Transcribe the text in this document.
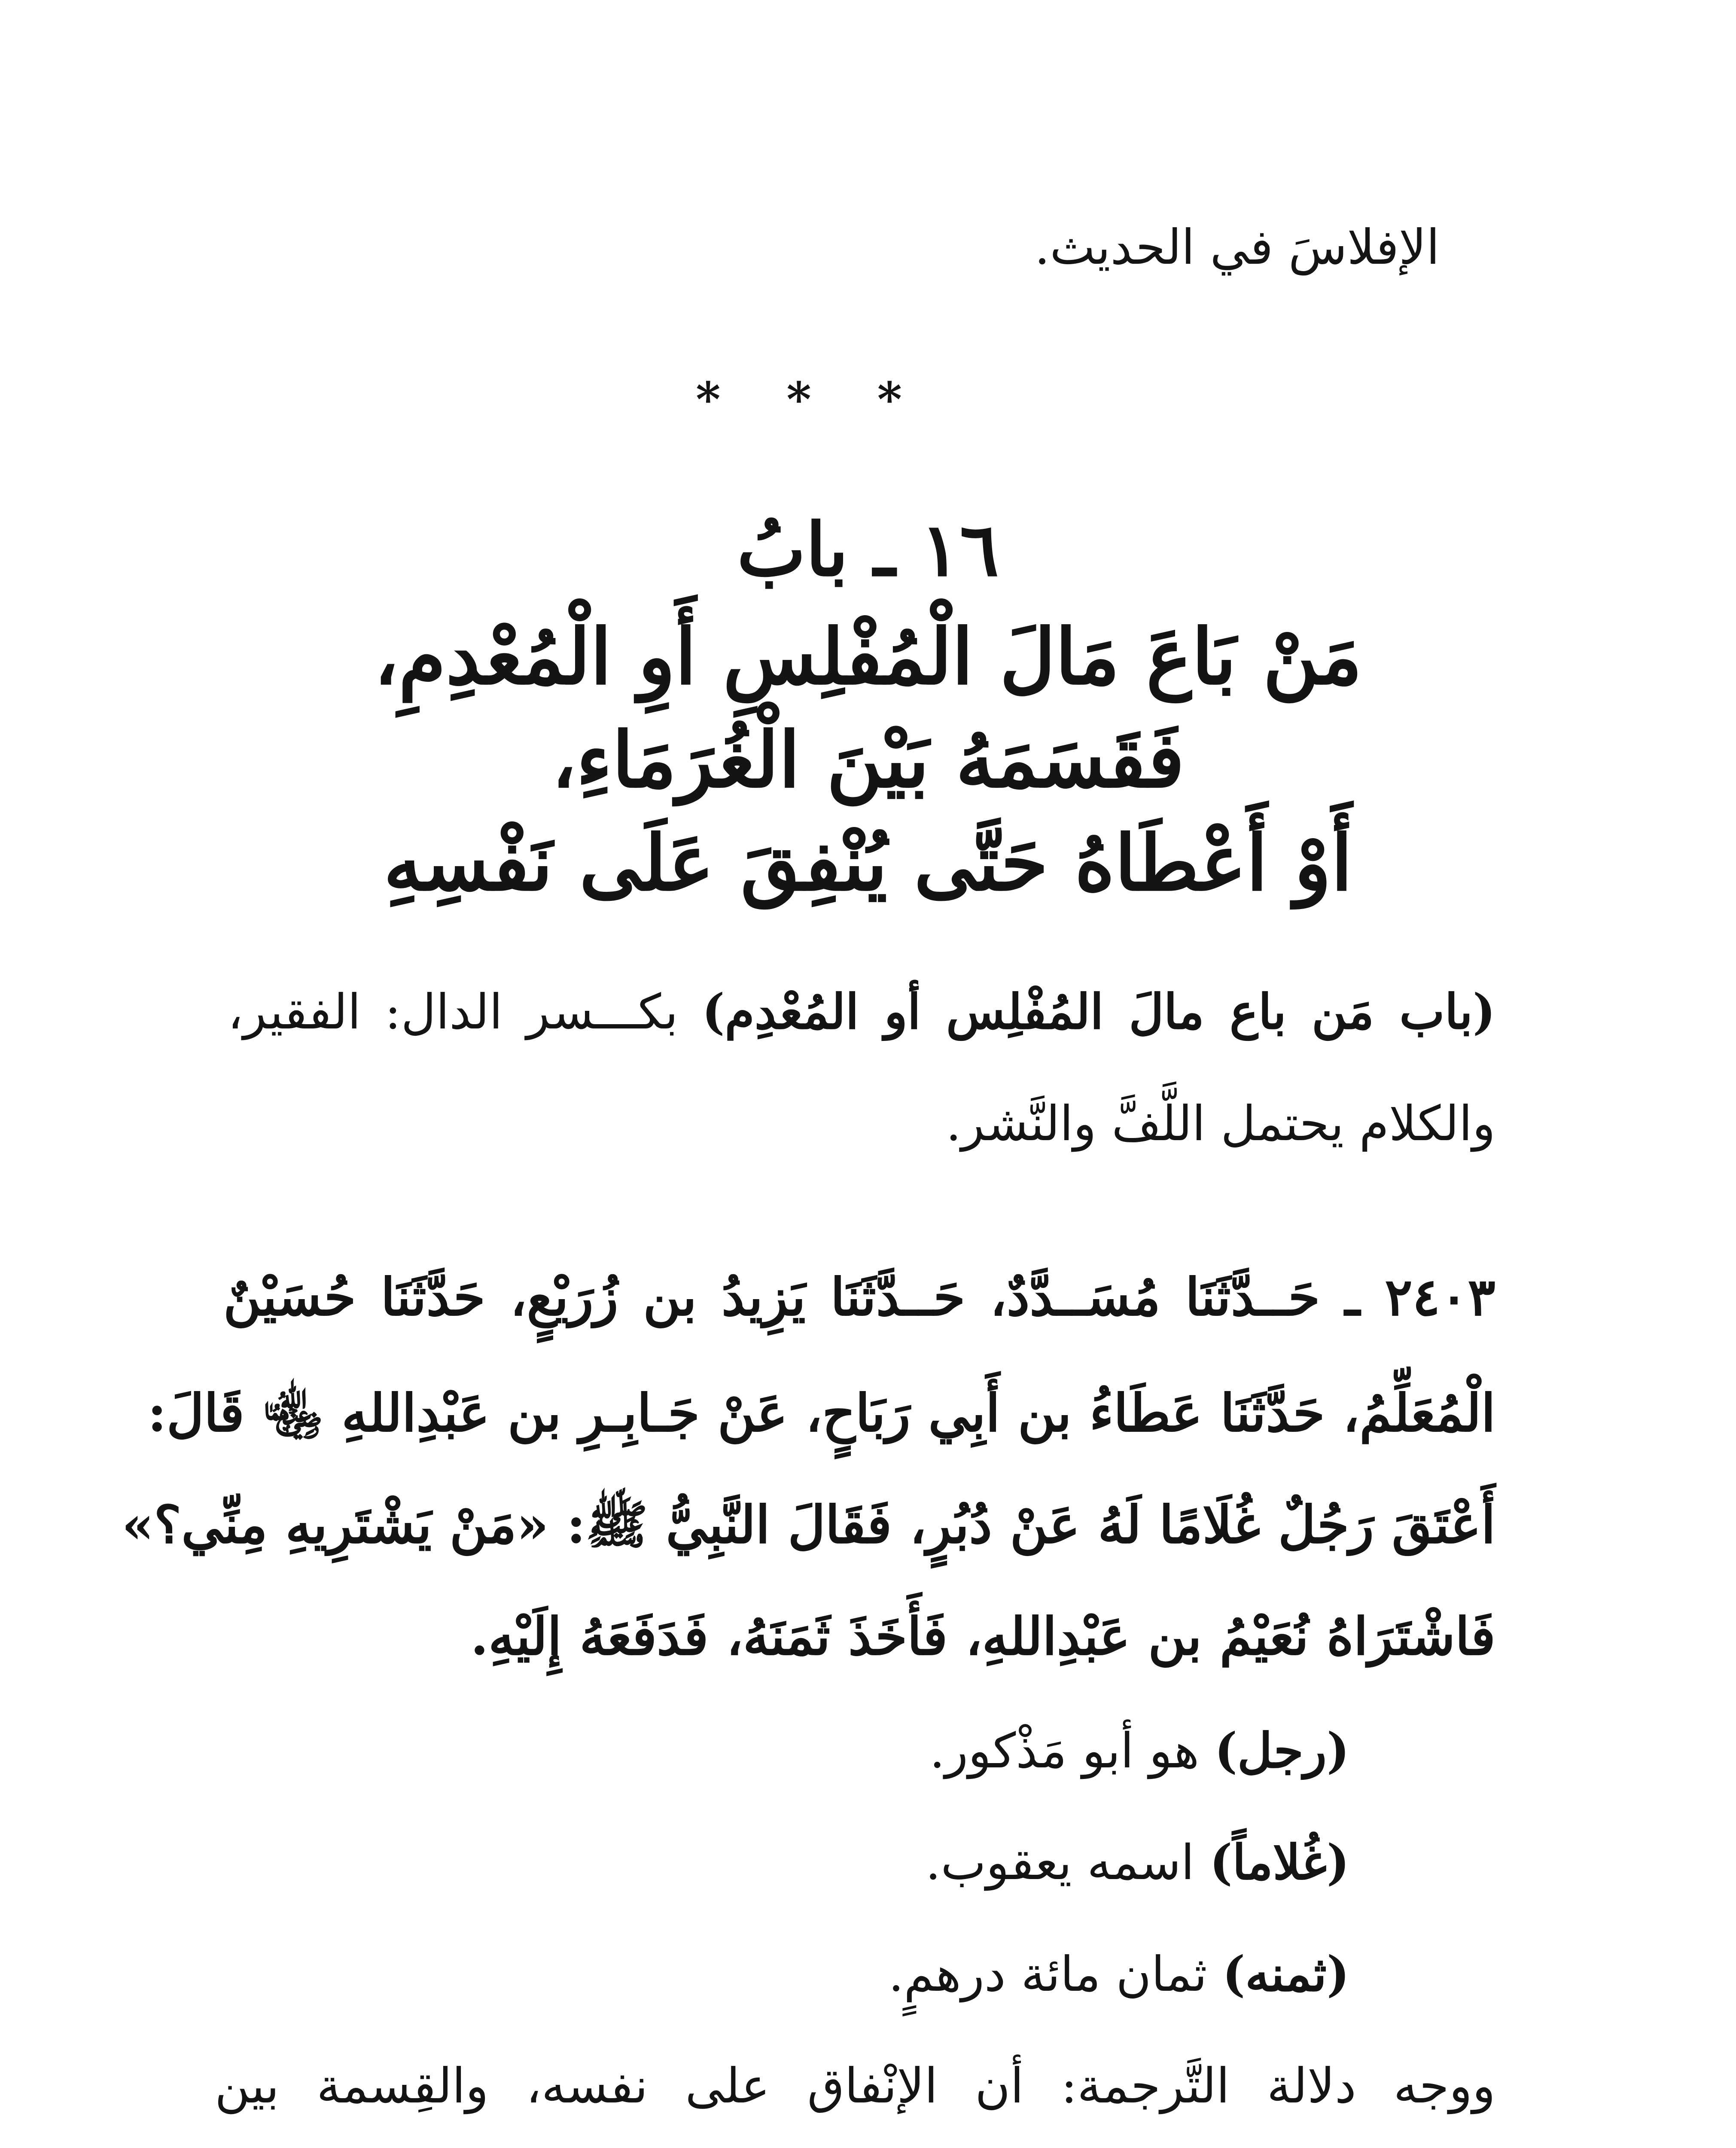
الإفلاسَ في الحديث.

* * *
١٦ ـ بابُ
مَنْ بَاعَ مَالَ الْمُفْلِسِ أَوِ الْمُعْدِمِ،
فَقَسَمَهُ بَيْنَ الْغُرَمَاءِ،
أَوْ أَعْطَاهُ حَتَّى يُنْفِقَ عَلَى نَفْسِهِ

(باب مَن باع مالَ المُفْلِس أو المُعْدِم) بكـــسر الدال: الفقير،

والكلام يحتمل اللَّفَّ والنَّشر.

٢٤٠٣ ـ حَــدَّثَنَا مُسَــدَّدٌ، حَــدَّثَنَا يَزِيدُ بن زُرَيْعٍ، حَدَّثَنَا حُسَيْنٌ

الْمُعَلِّمُ، حَدَّثَنَا عَطَاءُ بن أَبِي رَبَاحٍ، عَنْ جَـابِـرِ بن عَبْدِاللهِ ﵄ قَالَ:

أَعْتَقَ رَجُلٌ غُلَامًا لَهُ عَنْ دُبُرٍ، فَقَالَ النَّبِيُّ ﷺ: «مَنْ يَشْتَرِيهِ مِنِّي؟»

فَاشْتَرَاهُ نُعَيْمُ بن عَبْدِاللهِ، فَأَخَذَ ثَمَنَهُ، فَدَفَعَهُ إِلَيْهِ.

(رجل) هو أبو مَذْكور.

(غُلاماً) اسمه يعقوب.

(ثمنه) ثمان مائة درهمٍ.

ووجه دلالة التَّرجمة: أن الإنْفاق على نفسه، والقِسمة بين
